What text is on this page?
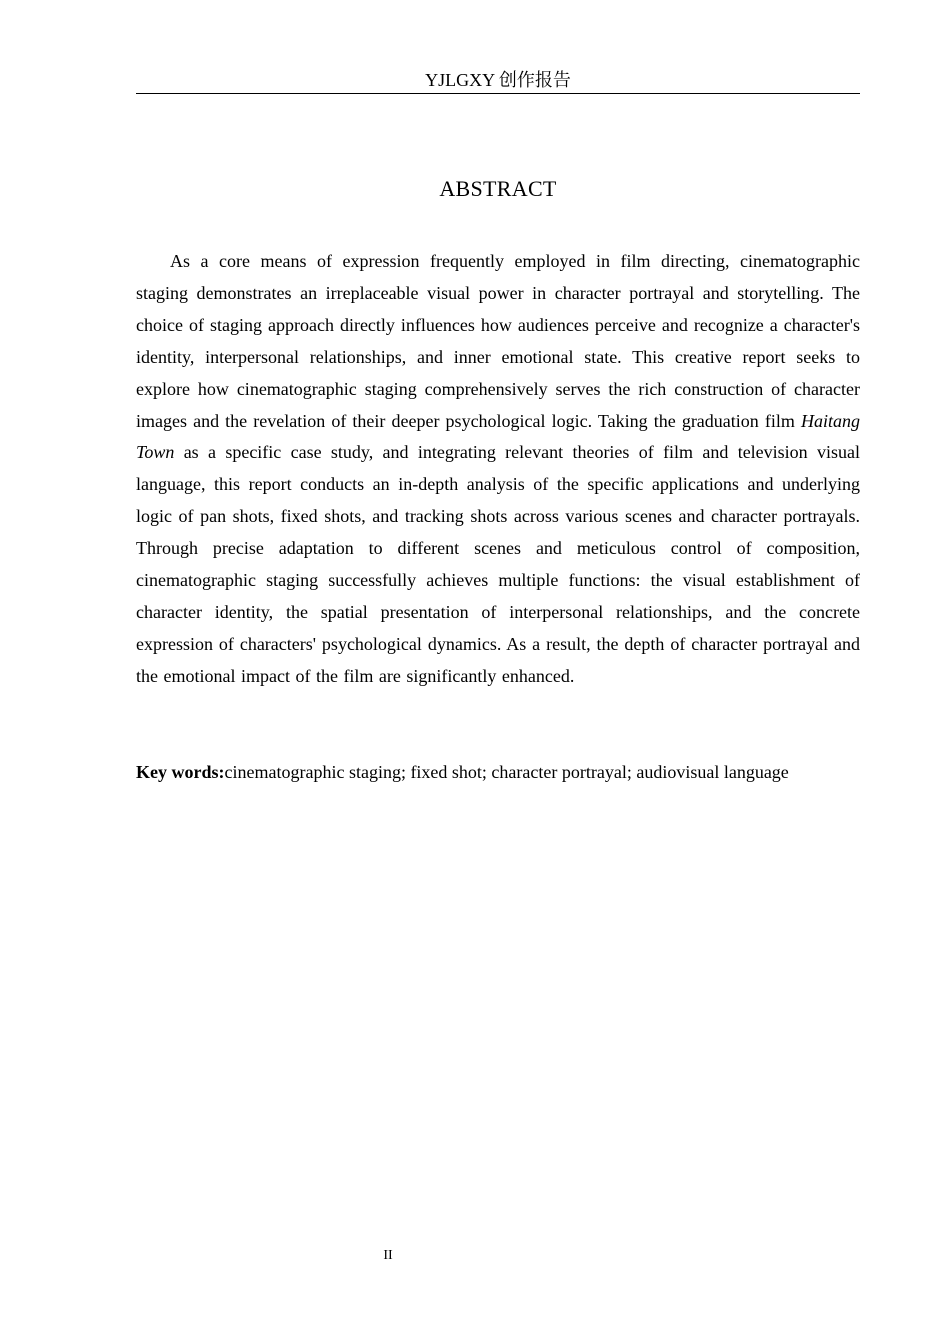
YJLGXY 创作报告
ABSTRACT

As a core means of expression frequently employed in film directing, cinematographic staging demonstrates an irreplaceable visual power in character portrayal and storytelling. The choice of staging approach directly influences how audiences perceive and recognize a character's identity, interpersonal relationships, and inner emotional state. This creative report seeks to explore how cinematographic staging comprehensively serves the rich construction of character images and the revelation of their deeper psychological logic. Taking the graduation film Haitang Town as a specific case study, and integrating relevant theories of film and television visual language, this report conducts an in-depth analysis of the specific applications and underlying logic of pan shots, fixed shots, and tracking shots across various scenes and character portrayals. Through precise adaptation to different scenes and meticulous control of composition, cinematographic staging successfully achieves multiple functions: the visual establishment of character identity, the spatial presentation of interpersonal relationships, and the concrete expression of characters' psychological dynamics. As a result, the depth of character portrayal and the emotional impact of the film are significantly enhanced.

Key words:cinematographic staging; fixed shot; character portrayal; audiovisual language

II
